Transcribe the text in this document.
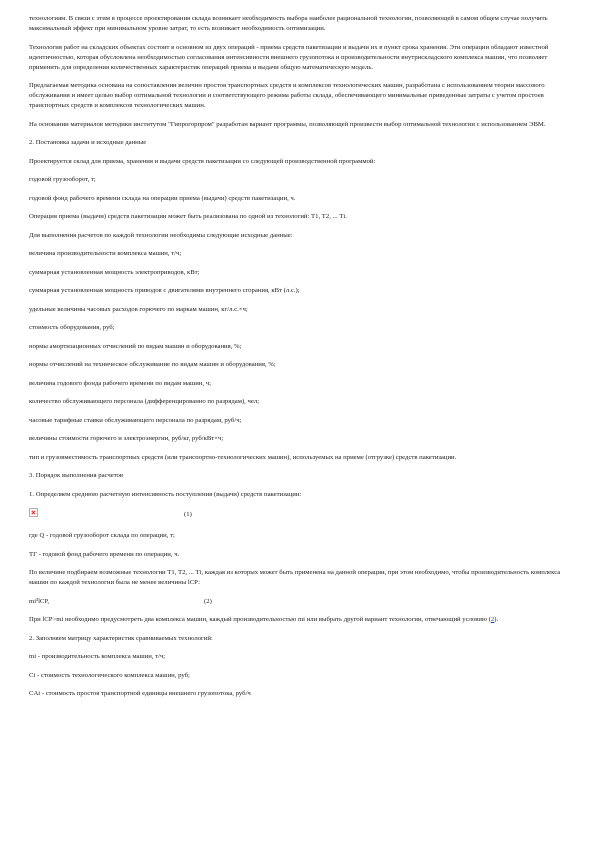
технологиям. В связи с этим в процессе проектирования склада возникает необходимость выбора наиболее рациональной технологии, позволяющей в самом общем случае получить максимальный эффект при минимальном уровне затрат, то есть возникает необходимость оптимизации.

Технология работ на складских объектах состоит в основном из двух операций - приема средств пакетизации и выдачи их в пункт срока хранения. Эти операции обладают известной идентичностью, которая обусловлена необходимостью согласования интенсивности внешнего грузопотока и производительности внутрискладского комплекса машин, что позволяет применить для определения количественных характеристик операций приема и выдачи общую математическую модель.

Предлагаемая методика основана на сопоставлении величин простоя транспортных средств и комплексов технологических машин, разработана с использованием теории массового обслуживания и имеет целью выбор оптимальной технологии и соответствующего режима работы склада, обеспечивающего минимальные приведенные затраты с учетом простоев транспортных средств и комплексов технологических машин.

На основании материалов методики институтом "Гипрогорпром" разработан вариант программы, позволяющей произвести выбор оптимальной технологии с использованием ЭВМ.

2. Постановка задачи и исходные данные

Проектируется склад для приема, хранения и выдачи средств пакетизации со следующей производственной программой:

годовой грузооборот, т;

годовой фонд рабочего времени склада на операции приема (выдачи) средств пакетизации, ч.

Операция приема (выдачи) средств пакетизации может быть реализована по одной из технологий: Т1, Т2, ... Тi.

Для выполнения расчетов по каждой технологии необходимы следующие исходные данные:

величина производительности комплекса машин, т/ч;

суммарная установленная мощность электроприводов, кВт;

суммарная установленная мощность приводов с двигателями внутреннего сгорания, кВт (л.с.);

удельные величины часовых расходов горючего по маркам машин, кг/л.с.×ч;

стоимость оборудования, руб;

нормы амортизационных отчислений по видам машин и оборудования, %;

нормы отчислений на техническое обслуживание по видам машин и оборудования, %;

величина годового фонда рабочего времени по видам машин, ч;

количество обслуживающего персонала (дифференцированно по разрядам), чел;

часовые тарифные ставки обслуживающего персонала по разрядам, руб/ч;

величины стоимости горючего и электроэнергии, руб/кг, руб/кВт×ч;

тип и грузовместимость транспортных средств (или транспортно-технологических машин), используемых на приеме (отгрузке) средств пакетизации.

3. Порядок выполнения расчетов

1. Определяем среднюю расчетную интенсивность поступления (выдачи) средств пакетизации:

(1)

где Q - годовой грузооборот склада по операции, т;

ТГ - годовой фонд рабочего времени по операции, ч.

По величине подбираем возможные технологии Т1, Т2, ... Тi, каждая из которых может быть применена на данной операции, при этом необходимо, чтобы производительность комплекса машин по каждой технологии была не менее величины lСР:

mi³lCP,	(2)

При lCP>mi необходимо предусмотреть два комплекса машин, каждый производительностью mi или выбрать другой вариант технологии, отвечающий условию (2).

2. Заполняем матрицу характеристик сравниваемых технологий:

mi - производительность комплекса машин, т/ч;

Сi - стоимость технологического комплекса машин, руб;

CAi - стоимость простоя транспортной единицы внешнего грузопотока, руб/ч
